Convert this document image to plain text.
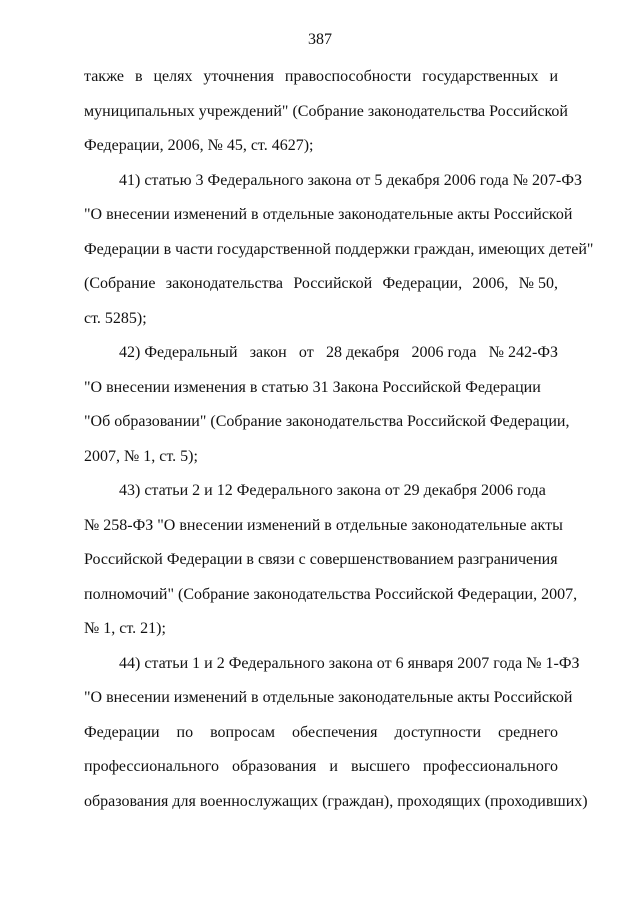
387
также в целях уточнения правоспособности государственных и
муниципальных учреждений" (Собрание законодательства Российской
Федерации, 2006, № 45, ст. 4627);
41) статью 3 Федерального закона от 5 декабря 2006 года № 207-ФЗ
"О внесении изменений в отдельные законодательные акты Российской
Федерации в части государственной поддержки граждан, имеющих детей"
(Собрание законодательства Российской Федерации, 2006, № 50,
ст. 5285);
42) Федеральный закон от 28 декабря 2006 года № 242-ФЗ
"О внесении изменения в статью 31 Закона Российской Федерации
"Об образовании" (Собрание законодательства Российской Федерации,
2007, № 1, ст. 5);
43) статьи 2 и 12 Федерального закона от 29 декабря 2006 года
№ 258-ФЗ "О внесении изменений в отдельные законодательные акты
Российской Федерации в связи с совершенствованием разграничения
полномочий" (Собрание законодательства Российской Федерации, 2007,
№ 1, ст. 21);
44) статьи 1 и 2 Федерального закона от 6 января 2007 года № 1-ФЗ
"О внесении изменений в отдельные законодательные акты Российской
Федерации по вопросам обеспечения доступности среднего
профессионального образования и высшего профессионального
образования для военнослужащих (граждан), проходящих (проходивших)
